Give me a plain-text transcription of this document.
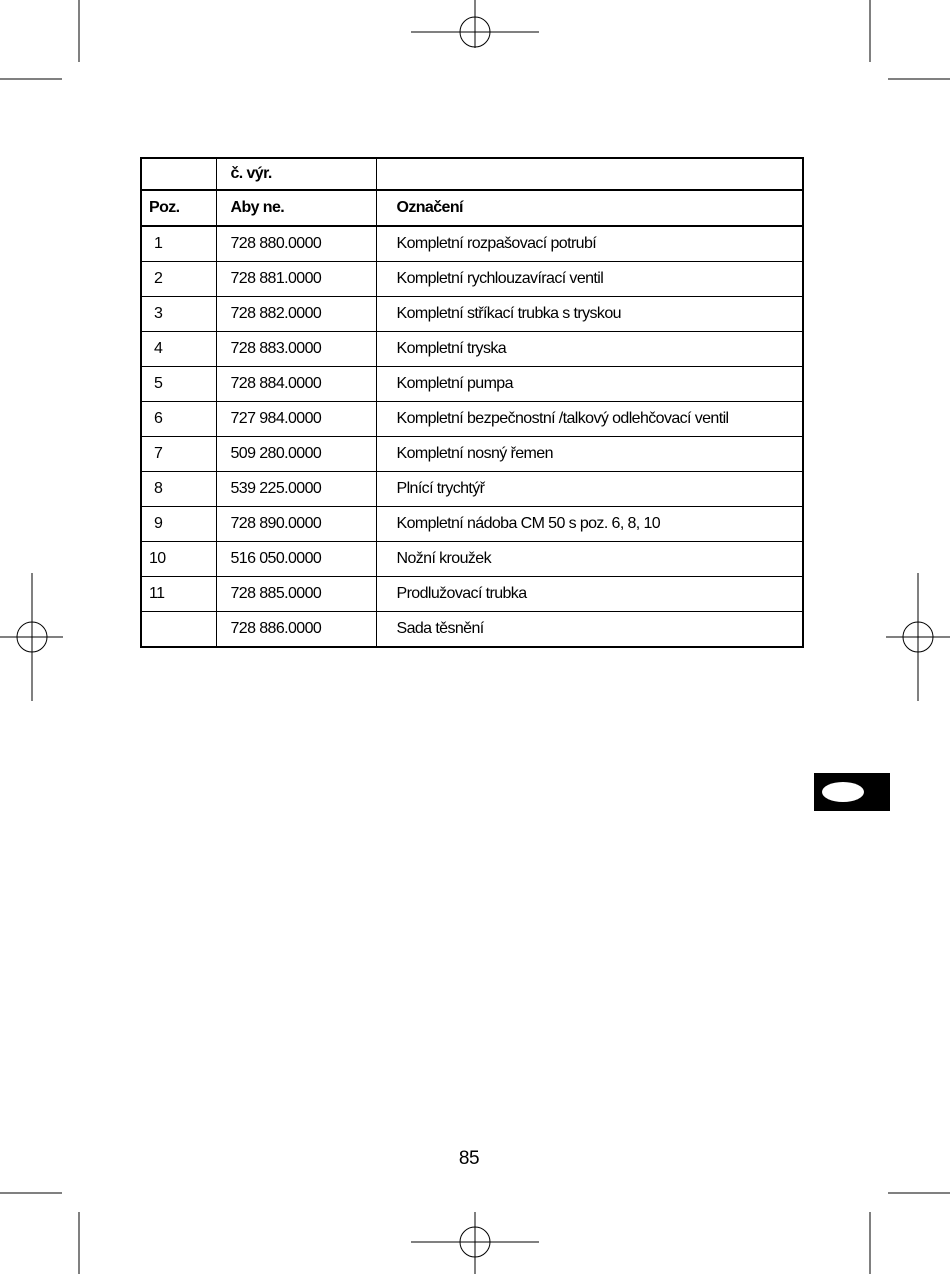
	č. výr.	
Poz.	Aby ne.	Označení
1	728 880.0000	Kompletní rozpašovací potrubí
2	728 881.0000	Kompletní rychlouzavírací ventil
3	728 882.0000	Kompletní stříkací trubka s tryskou
4	728 883.0000	Kompletní tryska
5	728 884.0000	Kompletní pumpa
6	727 984.0000	Kompletní bezpečnostní /talkový odlehčovací ventil
7	509 280.0000	Kompletní nosný řemen
8	539 225.0000	Plnící trychtýř
9	728 890.0000	Kompletní nádoba CM 50 s poz. 6, 8, 10
10	516 050.0000	Nožní kroužek
11	728 885.0000	Prodlužovací trubka
	728 886.0000	Sada těsnění
85
